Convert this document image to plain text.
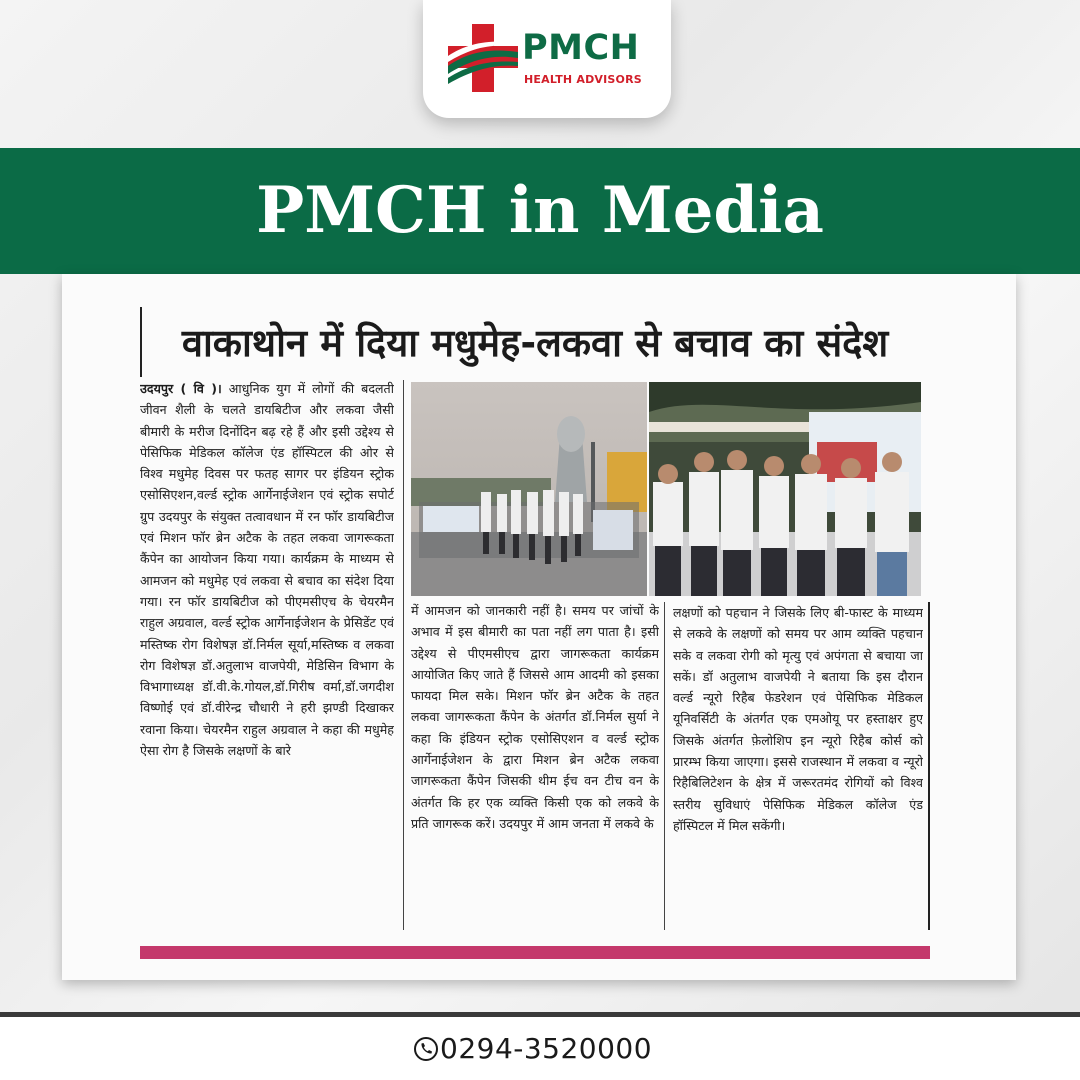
PMCH
HEALTH ADVISORS
PMCH in Media
वाकाथोन में दिया मधुमेह-लकवा से बचाव का संदेश
उदयपुर ( वि )। आधुनिक युग में लोगों की बदलती जीवन शैली के चलते डायबिटीज और लकवा जैसी बीमारी के मरीज दिनोंदिन बढ़ रहे हैं और इसी उद्देश्य से पेसिफिक मेडिकल कॉलेज एंड हॉस्पिटल की ओर से विश्व मधुमेह दिवस पर फतह सागर पर इंडियन स्ट्रोक एसोसिएशन,वर्ल्ड स्ट्रोक आर्गेनाईजेशन एवं स्ट्रोक सपोर्ट ग्रुप उदयपुर के संयुक्त तत्वावधान में रन फॉर डायबिटीज एवं मिशन फॉर ब्रेन अटैक के तहत लकवा जागरूकता कैंपेन का आयोजन किया गया। कार्यक्रम के माध्यम से आमजन को मधुमेह एवं लकवा से बचाव का संदेश दिया गया। रन फॉर डायबिटीज को पीएमसीएच के चेयरमैन राहुल अग्रवाल, वर्ल्ड स्ट्रोक आर्गेनाईजेशन के प्रेसिडेंट एवं मस्तिष्क रोग विशेषज्ञ डॉ.निर्मल सूर्या,मस्तिष्क व लकवा रोग विशेषज्ञ डॉ.अतुलाभ वाजपेयी, मेडिसिन विभाग के विभागाध्यक्ष डॉ.वी.के.गोयल,डॉ.गिरीष वर्मा,डॉ.जगदीश विष्णोई एवं डॉ.वीरेन्द्र चौधारी ने हरी झण्डी दिखाकर रवाना किया। चेयरमैन राहुल अग्रवाल ने कहा की मधुमेह ऐसा रोग है जिसके लक्षणों के बारे
में आमजन को जानकारी नहीं है। समय पर जांचों के अभाव में इस बीमारी का पता नहीं लग पाता है। इसी उद्देश्य से पीएमसीएच द्वारा जागरूकता कार्यक्रम आयोजित किए जाते हैं जिससे आम आदमी को इसका फायदा मिल सके। मिशन फॉर ब्रेन अटैक के तहत लकवा जागरूकता कैंपेन के अंतर्गत डॉ.निर्मल सुर्या ने कहा कि इंडियन स्ट्रोक एसोसिएशन व वर्ल्ड स्ट्रोक आर्गेनाईजेशन के द्वारा मिशन ब्रेन अटैक लकवा जागरूकता कैंपेन जिसकी थीम ईच वन टीच वन के अंतर्गत कि हर एक व्यक्ति किसी एक को लकवे के प्रति जागरूक करें। उदयपुर में आम जनता में लकवे के
लक्षणों को पहचान ने जिसके लिए बी-फास्ट के माध्यम से लकवे के लक्षणों को समय पर आम व्यक्ति पहचान सके व लकवा रोगी को मृत्यु एवं अपंगता से बचाया जा सकें। डॉ अतुलाभ वाजपेयी ने बताया कि इस दौरान वर्ल्ड न्यूरो रिहैब फेडरेशन एवं पेसिफिक मेडिकल यूनिवर्सिटी के अंतर्गत एक एमओयू पर हस्ताक्षर हुए जिसके अंतर्गत फ़ेलोशिप इन न्यूरो रिहैब कोर्स को प्रारम्भ किया जाएगा। इससे राजस्थान में लकवा व न्यूरो रिहैबिलिटेशन के क्षेत्र में जरूरतमंद रोगियों को विश्व स्तरीय सुविधाएं पेसिफिक मेडिकल कॉलेज एंड हॉस्पिटल में मिल सकेंगी।
0294-3520000
